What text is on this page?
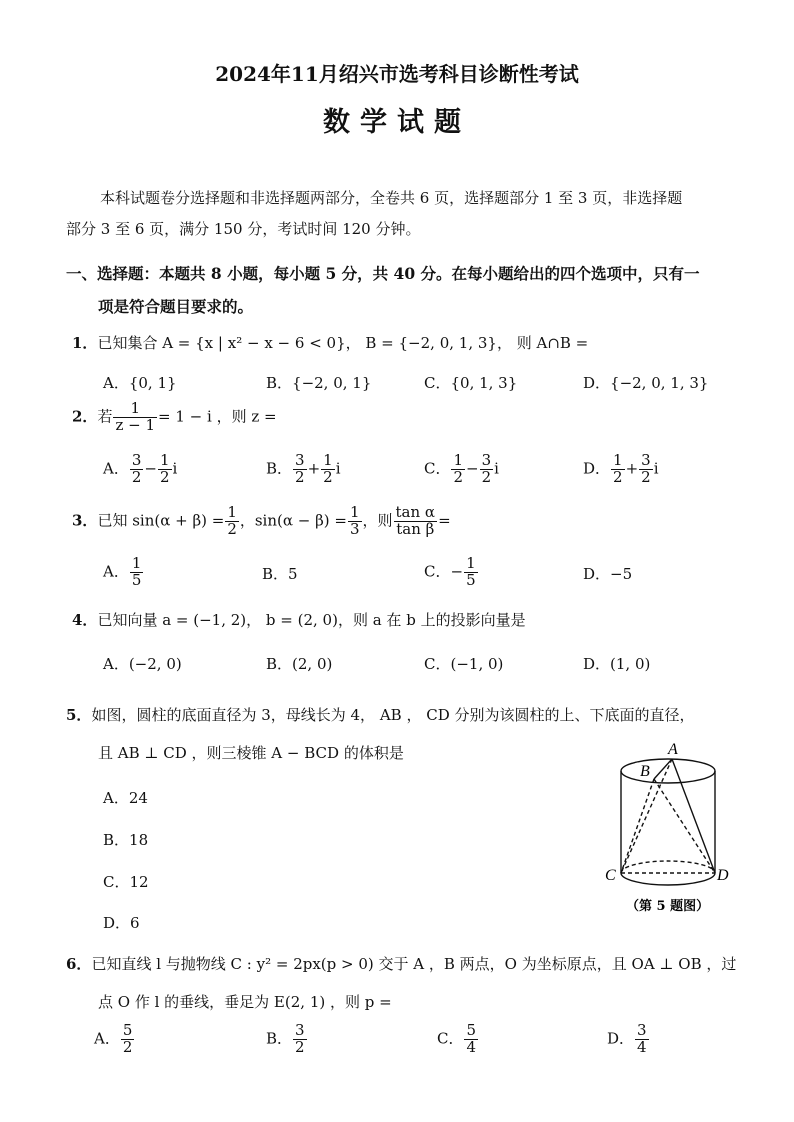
2024年11月绍兴市选考科目诊断性考试
数学试题
本科试题卷分选择题和非选择题两部分，全卷共 6 页，选择题部分 1 至 3 页，非选择题
部分 3 至 6 页，满分 150 分，考试时间 120 分钟。
一、选择题：本题共 8 小题，每小题 5 分，共 40 分。在每小题给出的四个选项中，只有一
项是符合题目要求的。
1．已知集合 A = {x | x² − x − 6 < 0}， B = {−2, 0, 1, 3}， 则 A∩B =
A．{0, 1}	B．{−2, 0, 1}	C．{0, 1, 3}	D．{−2, 0, 1, 3}
2．若 $\frac{1}{z - 1} = 1 - i$ ，则 z =
A． $\frac{3}{2} - \frac{1}{2}$ i	B． $\frac{3}{2} + \frac{1}{2}$ i	C． $\frac{1}{2} - \frac{3}{2}$ i	D． $\frac{1}{2} + \frac{3}{2}$ i
3．已知 $\sin(\alpha + \beta) = \frac{1}{2}$ ，$\sin(\alpha - \beta) = \frac{1}{3}$ ，则 $\frac{\text{tan α}}{\text{tan β}}$ =
A． $\frac{1}{5}$	B．5	C．− $\frac{1}{5}$	D．−5
4．已知向量 a = (−1, 2)， b = (2, 0)，则 a 在 b 上的投影向量是
A．(−2, 0)	B．(2, 0)	C．(−1, 0)	D．(1, 0)
5．如图，圆柱的底面直径为 3，母线长为 4， AB ， CD 分别为该圆柱的上、下底面的直径，
且 AB ⊥ CD ，则三棱锥 A − BCD 的体积是
A．24
B．18
C．12
D．6
A
B
C	D
（第 5 题图）
6．已知直线 l 与抛物线 C : y² = 2px(p > 0) 交于 A ，B 两点，O 为坐标原点，且 OA ⊥ OB ，过
点 O 作 l 的垂线，垂足为 E(2, 1) ，则 p =
A． $\frac{5}{2}$	B． $\frac{3}{2}$	C． $\frac{5}{4}$	D． $\frac{3}{4}$
